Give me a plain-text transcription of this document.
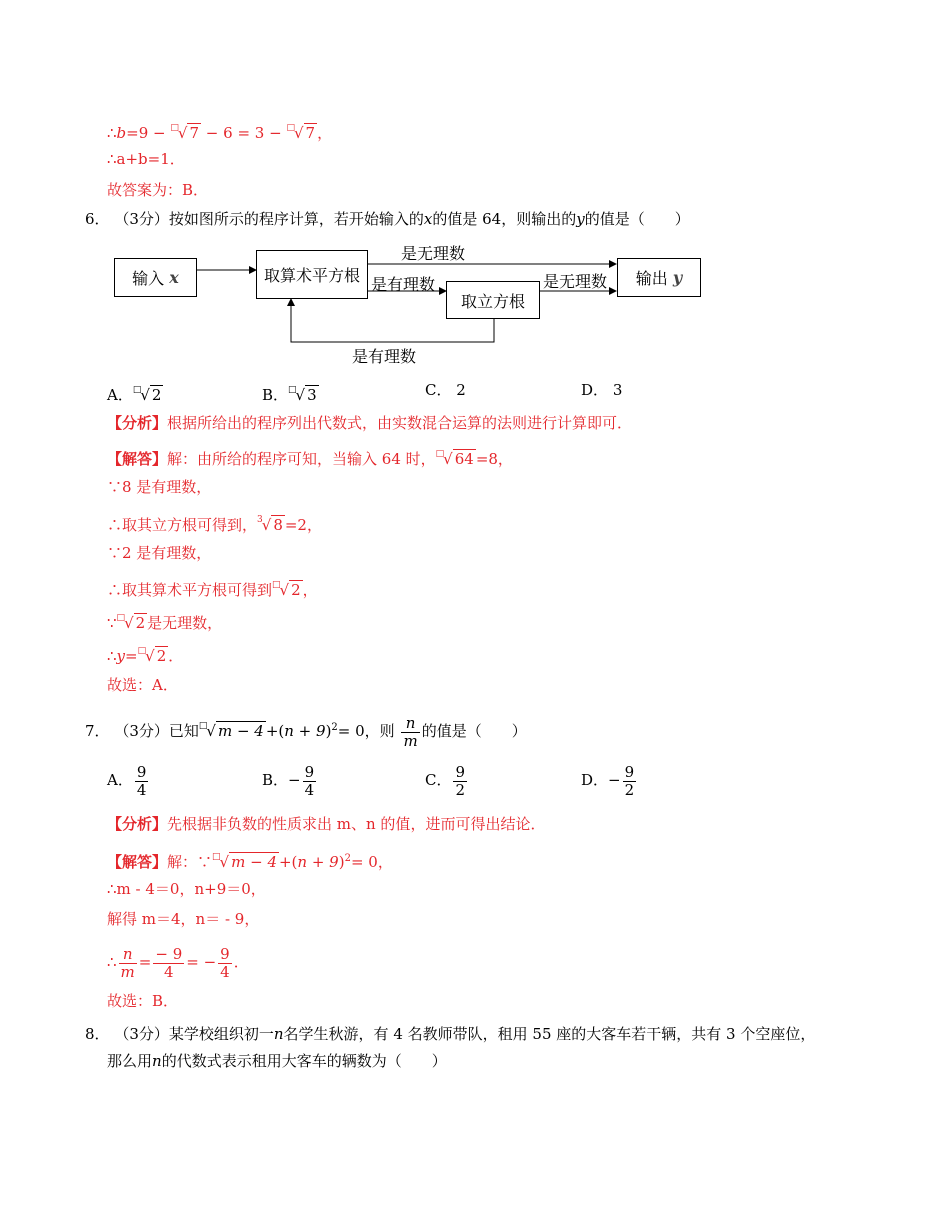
∴b=9 − □√ 7 − 6 = 3 − □√ 7 ，
∴a+b=1．
故答案为：B．
6． （3分）按如图所示的程序计算，若开始输入的x的值是 64，则输出的y的值是（　　）
输入
x	取算术平方根
取立方根
输出
y
是无理数
是有理数	是无理数
是有理数
A．□√ 2	B．□√ 3	C． 2	D． 3
【分析】根据所给出的程序列出代数式，由实数混合运算的法则进行计算即可．
【解答】解：由所给的程序可知，当输入 64 时，□√ 64 =8，
∵8 是有理数，
∴取其立方根可得到，$^3$√ 8 =2，
∵2 是有理数，
∴取其算术平方根可得到□√ 2 ，
∵□√ 2 是无理数，
∴y=□√ 2 ．
故选：A．
7． （3分）已知□√ $m - 4 +(n + 9)^2= 0$，则 $\frac{n}{m}$ 的值是（　　）
A． $\frac{9}{4}$	B．− $\frac{9}{4}$	C． $\frac{9}{2}$	D．− $\frac{9}{2}$
【分析】先根据非负数的性质求出 m、n 的值，进而可得出结论．
【解答】解：∵□√ $m - 4 +(n + 9)^2= 0$，
∴m - 4＝0，n+9＝0，
解得 m＝4，n＝ - 9，
∴ $\frac{n}{m} = \frac{- 9}{4}$ = − $\frac{9}{4}$ ．
故选：B．
8． （3分）某学校组织初一n名学生秋游，有 4 名教师带队，租用 55 座的大客车若干辆，共有 3 个空座位，
那么用n的代数式表示租用大客车的辆数为（　　）
